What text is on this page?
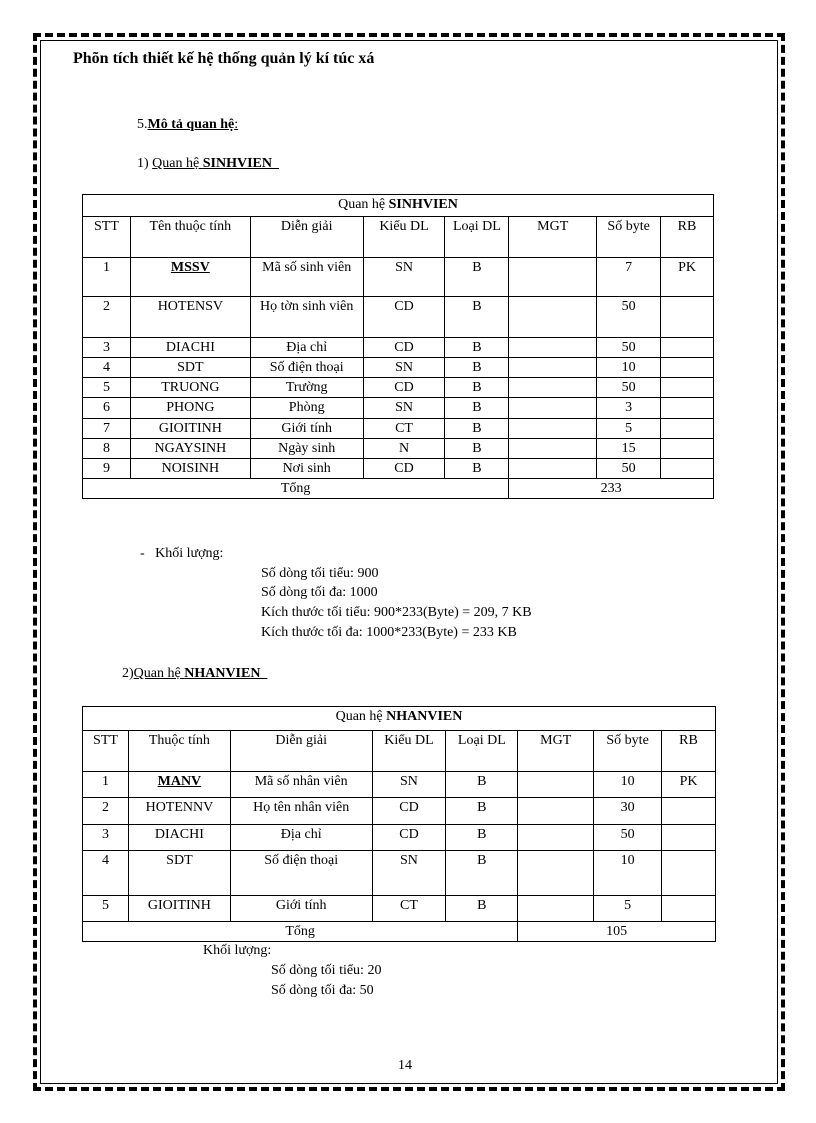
Phõn tích thiết kế hệ thống quản lý kí túc xá
5.Mô tả quan hệ:
1) Quan hệ SINHVIEN
Quan hệ SINHVIEN							
STT	Tên thuộc tính	Diễn giải	Kiểu DL	Loại DL	MGT	Số byte	RB
1	MSSV	Mã số sinh viên	SN	B		7	PK
2	HOTENSV	Họ tờn sinh viên	CD	B		50	
3	DIACHI	Địa chỉ	CD	B		50	
4	SDT	Số điện thoại	SN	B		10	
5	TRUONG	Trường	CD	B		50	
6	PHONG	Phòng	SN	B		3	
7	GIOITINH	Giới tính	CT	B		5	
8	NGAYSINH	Ngày sinh	N	B		15	
9	NOISINH	Nơi sinh	CD	B		50	
Tổng					233		
- Khối lượng:
Số dòng tối tiểu: 900
Số dòng tối đa: 1000
Kích thước tối tiểu: 900*233(Byte) = 209, 7 KB
Kích thước tối đa: 1000*233(Byte) = 233 KB
2)Quan hệ NHANVIEN
Quan hệ NHANVIEN							
STT	Thuộc tính	Diễn giải	Kiểu DL	Loại DL	MGT	Số byte	RB
1	MANV	Mã số nhân viên	SN	B		10	PK
2	HOTENNV	Họ tên nhân viên	CD	B		30	
3	DIACHI	Địa chỉ	CD	B		50	
4	SDT	Số điện thoại	SN	B		10	
5	GIOITINH	Giới tính	CT	B		5	
Tổng					105		
Khối lượng:
Số dòng tối tiểu: 20
Số dòng tối đa: 50
14
